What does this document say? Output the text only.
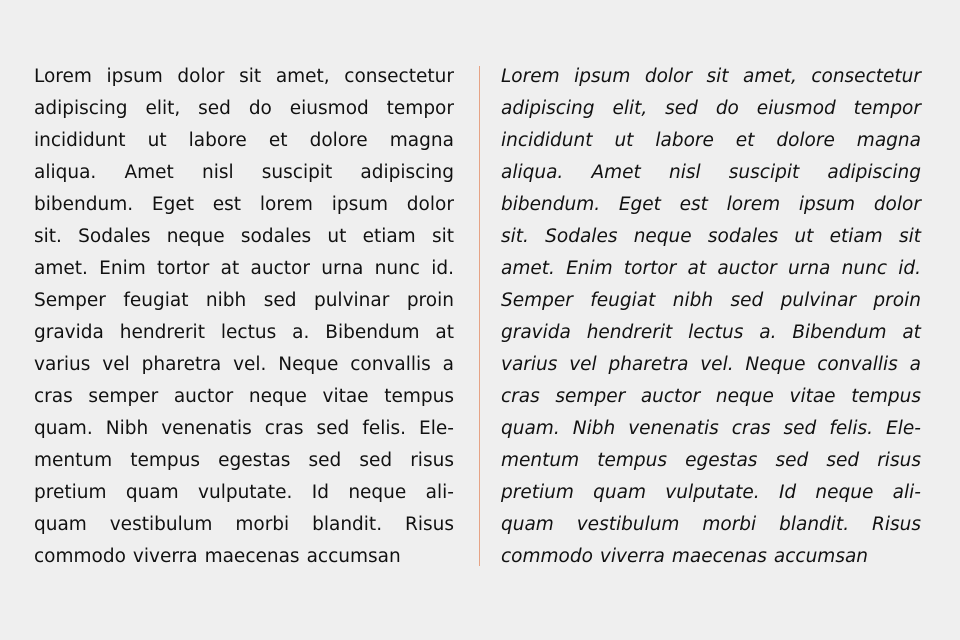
Lorem ipsum dolor sit amet, consectetur
adipiscing elit, sed do eiusmod tempor
incididunt ut labore et dolore magna
aliqua. Amet nisl suscipit adipiscing
bibendum. Eget est lorem ipsum dolor
sit. Sodales neque sodales ut etiam sit
amet. Enim tortor at auctor urna nunc id.
Semper feugiat nibh sed pulvinar proin
gravida hendrerit lectus a. Bibendum at
varius vel pharetra vel. Neque convallis a
cras semper auctor neque vitae tempus
quam. Nibh venenatis cras sed felis. Ele-
mentum tempus egestas sed sed risus
pretium quam vulputate. Id neque ali-
quam vestibulum morbi blandit. Risus
commodo viverra maecenas accumsan
Lorem ipsum dolor sit amet, consectetur
adipiscing elit, sed do eiusmod tempor
incididunt ut labore et dolore magna
aliqua. Amet nisl suscipit adipiscing
bibendum. Eget est lorem ipsum dolor
sit. Sodales neque sodales ut etiam sit
amet. Enim tortor at auctor urna nunc id.
Semper feugiat nibh sed pulvinar proin
gravida hendrerit lectus a. Bibendum at
varius vel pharetra vel. Neque convallis a
cras semper auctor neque vitae tempus
quam. Nibh venenatis cras sed felis. Ele-
mentum tempus egestas sed sed risus
pretium quam vulputate. Id neque ali-
quam vestibulum morbi blandit. Risus
commodo viverra maecenas accumsan
